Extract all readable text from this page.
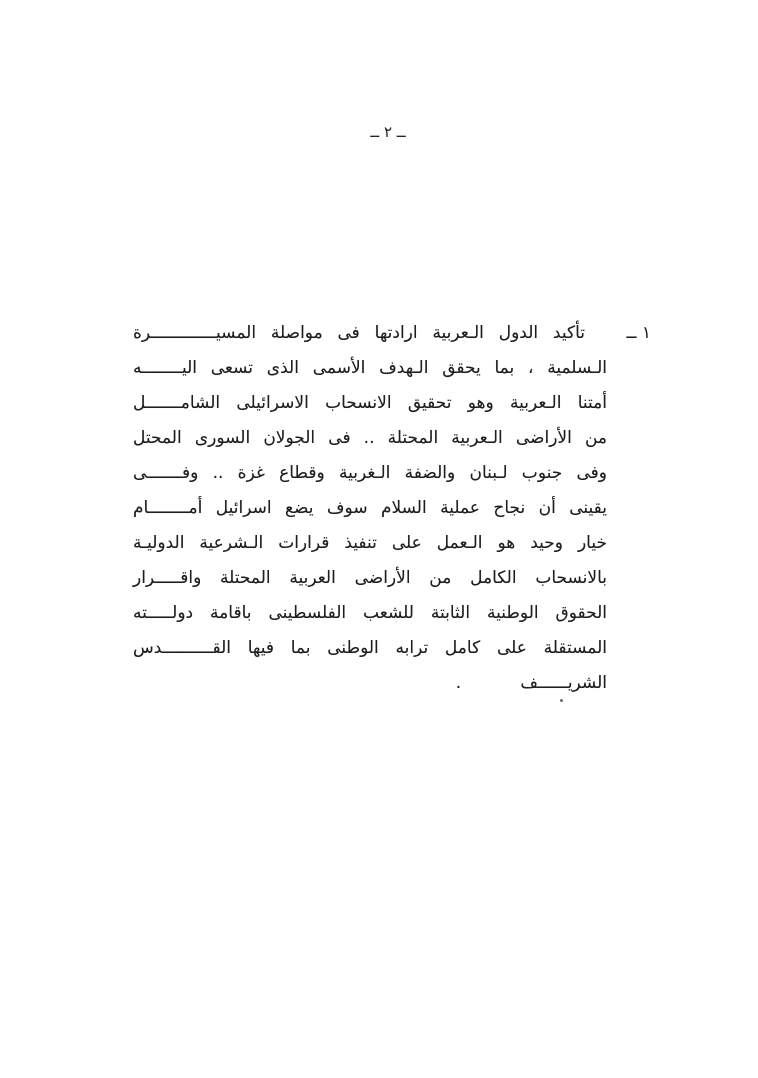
ــ ٢ ــ
١ ــ
تأكيد الدول الـعربية ارادتها فى مواصلة المسيـــــــــــــرة
الـسلمية ، بما يحقق الـهدف الأسمى الذى تسعى اليــــــــه
أمتنا الـعربية وهو تحقيق الانسحاب الاسرائيلى الشامـــــــل
من الأراضى الـعربية المحتلة .. فى الجولان السورى المحتل
وفى جنوب لـبنان والضفة الـغربية وقطاع غزة .. وفـــــــى
يقينى أن نجاح عملية السلام سوف يضع اسرائيل أمــــــــام
خيار وحيد هو الـعمل على تنفيذ قرارات الـشرعية الدوليـة
بالانسحاب الكامل من الأراضى العربية المحتلة واقـــــرار
الحقوق الوطنية الثابتة للشعب الفلسطينى باقامة دولـــــته
المستقلة على كامل ترابه الوطنى بما فيها القــــــــــدس
الشريــــــف        .
